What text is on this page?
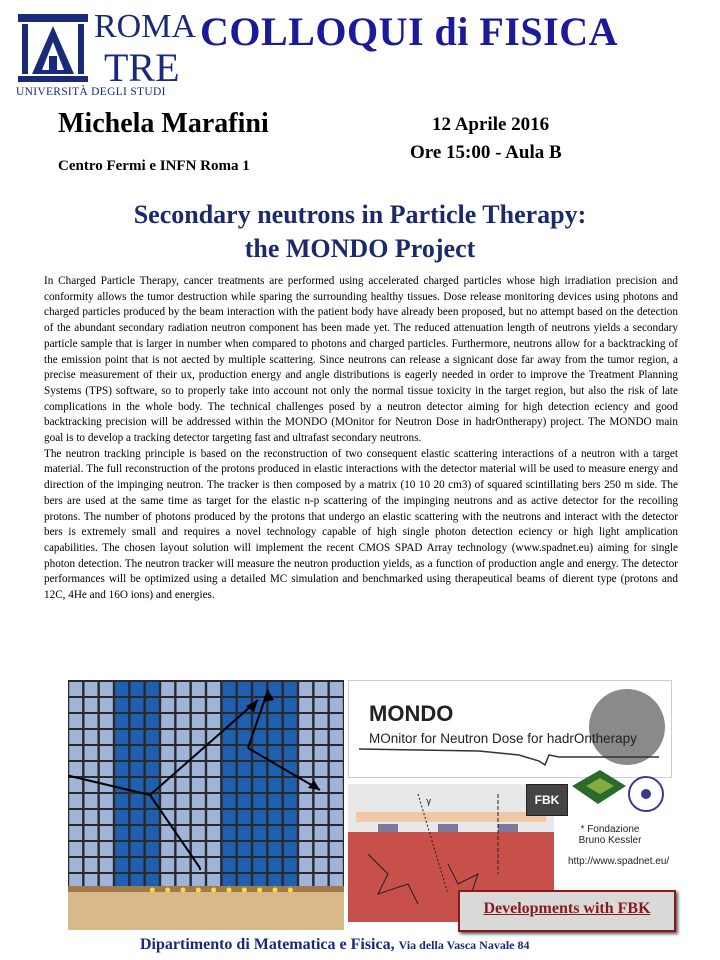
ROMA
TRE
UNIVERSITÀ DEGLI STUDI
COLLOQUI di FISICA
Michela Marafini
Centro Fermi e INFN Roma 1
12 Aprile 2016
Ore 15:00 - Aula B
Secondary neutrons in Particle Therapy:
the MONDO Project

In Charged Particle Therapy, cancer treatments are performed using accelerated charged particles whose high irradiation precision and conformity allows the tumor destruction while sparing the surrounding healthy tissues. Dose release monitoring devices using photons and charged particles produced by the beam interaction with the patient body have already been proposed, but no attempt based on the detection of the abundant secondary radiation neutron component has been made yet. The reduced attenuation length of neutrons yields a secondary particle sample that is larger in number when compared to photons and charged particles. Furthermore, neutrons allow for a backtracking of the emission point that is not aected by multiple scattering. Since neutrons can release a signicant dose far away from the tumor region, a precise measurement of their ux, production energy and angle distributions is eagerly needed in order to improve the Treatment Planning Systems (TPS) software, so to properly take into account not only the normal tissue toxicity in the target region, but also the risk of late complications in the whole body. The technical challenges posed by a neutron detector aiming for high detection eciency and good backtracking precision will be addressed within the MONDO (MOnitor for Neutron Dose in hadrOntherapy) project. The MONDO main goal is to develop a tracking detector targeting fast and ultrafast secondary neutrons.

The neutron tracking principle is based on the reconstruction of two consequent elastic scattering interactions of a neutron with a target material. The full reconstruction of the protons produced in elastic interactions with the detector material will be used to measure energy and direction of the impinging neutron. The tracker is then composed by a matrix (10 10 20 cm3) of squared scintillating bers 250 m side. The bers are used at the same time as target for the elastic n-p scattering of the impinging neutrons and as active detector for the recoiling protons. The number of photons produced by the protons that undergo an elastic scattering with the neutrons and interact with the detector bers is extremely small and requires a novel technology capable of high single photon detection eciency or high light amplication capabilities. The chosen layout solution will implement the recent CMOS SPAD Array technology (www.spadnet.eu) aiming for single photon detection. The neutron tracker will measure the neutron production yields, as a function of production angle and energy. The detector performances will be optimized using a detailed MC simulation and benchmarked using therapeutical beams of dierent type (protons and 12C, 4He and 16O ions) and energies.

MONDO
MOnitor for Neutron Dose for hadrOntherapy
γ	FBK
* Fondazione
Bruno Kessler
http://www.spadnet.eu/
Developments with FBK
Dipartimento di Matematica e Fisica, Via della Vasca Navale 84
